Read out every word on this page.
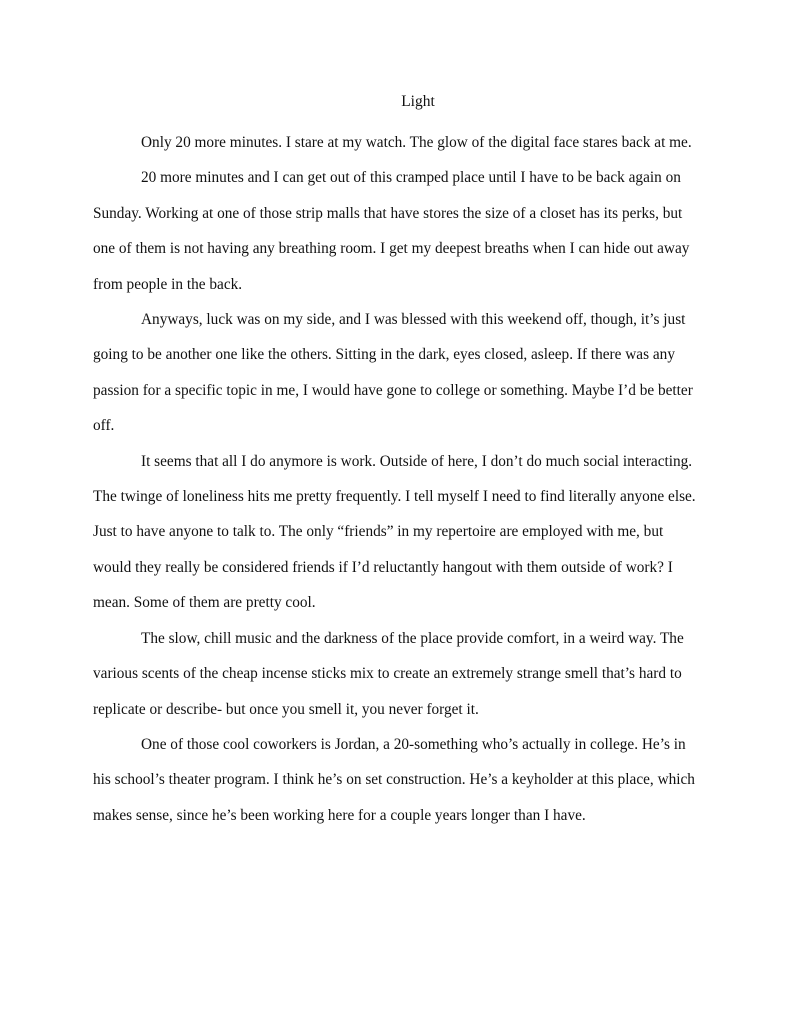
Light

Only 20 more minutes. I stare at my watch. The glow of the digital face stares back at me.

20 more minutes and I can get out of this cramped place until I have to be back again on Sunday. Working at one of those strip malls that have stores the size of a closet has its perks, but one of them is not having any breathing room. I get my deepest breaths when I can hide out away from people in the back.

Anyways, luck was on my side, and I was blessed with this weekend off, though, it’s just going to be another one like the others. Sitting in the dark, eyes closed, asleep. If there was any passion for a specific topic in me, I would have gone to college or something. Maybe I’d be better off.

It seems that all I do anymore is work. Outside of here, I don’t do much social interacting. The twinge of loneliness hits me pretty frequently. I tell myself I need to find literally anyone else. Just to have anyone to talk to. The only “friends” in my repertoire are employed with me, but would they really be considered friends if I’d reluctantly hangout with them outside of work? I mean. Some of them are pretty cool.

The slow, chill music and the darkness of the place provide comfort, in a weird way. The various scents of the cheap incense sticks mix to create an extremely strange smell that’s hard to replicate or describe- but once you smell it, you never forget it.

One of those cool coworkers is Jordan, a 20-something who’s actually in college. He’s in his school’s theater program. I think he’s on set construction. He’s a keyholder at this place, which makes sense, since he’s been working here for a couple years longer than I have.
